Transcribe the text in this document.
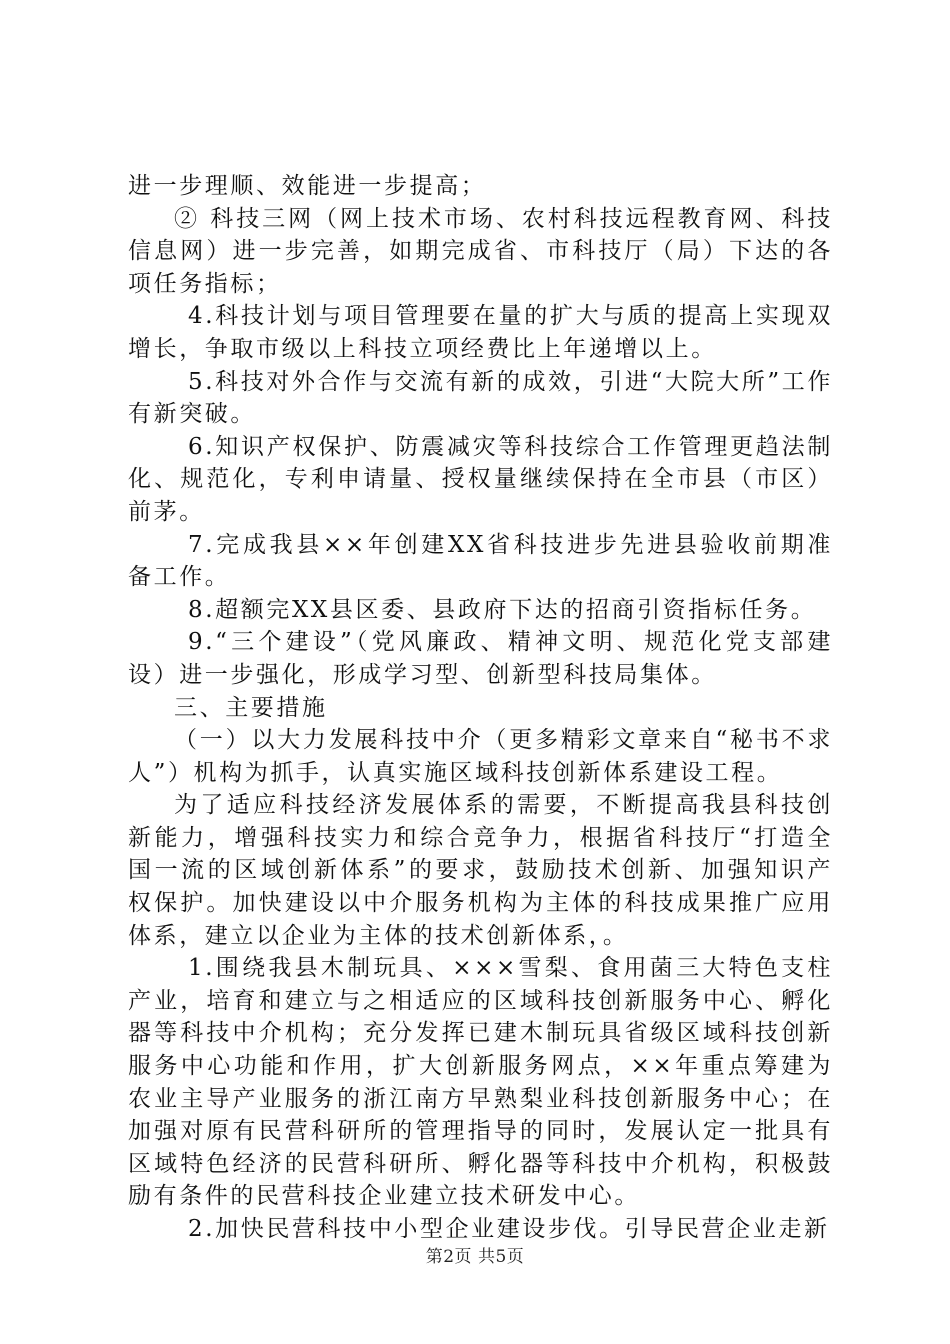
进一步理顺、效能进一步提高；

② 科技三网（网上技术市场、农村科技远程教育网、科技信息网）进一步完善，如期完成省、市科技厅（局）下达的各项任务指标；

4.科技计划与项目管理要在量的扩大与质的提高上实现双增长，争取市级以上科技立项经费比上年递增以上。

5.科技对外合作与交流有新的成效，引进“大院大所”工作有新突破。

6.知识产权保护、防震减灾等科技综合工作管理更趋法制化、规范化，专利申请量、授权量继续保持在全市县（市区）前茅。

7.完成我县××年创建XX省科技进步先进县验收前期准备工作。

8.超额完XX县区委、县政府下达的招商引资指标任务。

9.“三个建设”（党风廉政、精神文明、规范化党支部建设）进一步强化，形成学习型、创新型科技局集体。

三、主要措施

（一）以大力发展科技中介（更多精彩文章来自“秘书不求人”）机构为抓手，认真实施区域科技创新体系建设工程。

为了适应科技经济发展体系的需要，不断提高我县科技创新能力，增强科技实力和综合竞争力，根据省科技厅“打造全国一流的区域创新体系”的要求，鼓励技术创新、加强知识产权保护。加快建设以中介服务机构为主体的科技成果推广应用体系，建立以企业为主体的技术创新体系，。

1.围绕我县木制玩具、×××雪梨、食用菌三大特色支柱产业，培育和建立与之相适应的区域科技创新服务中心、孵化器等科技中介机构；充分发挥已建木制玩具省级区域科技创新服务中心功能和作用，扩大创新服务网点，××年重点筹建为农业主导产业服务的浙江南方早熟梨业科技创新服务中心；在加强对原有民营科研所的管理指导的同时，发展认定一批具有区域特色经济的民营科研所、孵化器等科技中介机构，积极鼓励有条件的民营科技企业建立技术研发中心。

2.加快民营科技中小型企业建设步伐。引导民营企业走新

第2页 共5页
